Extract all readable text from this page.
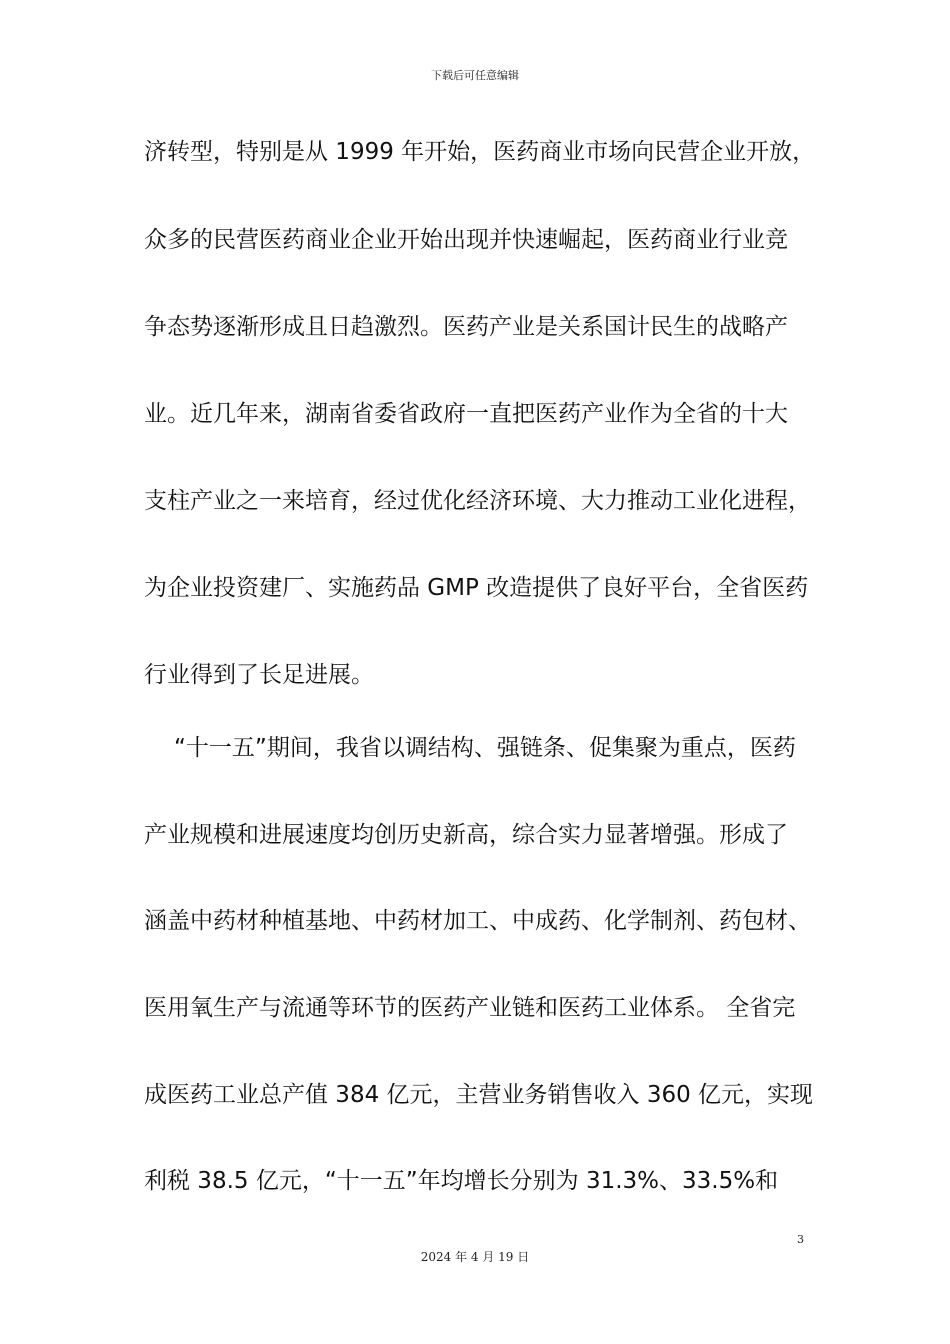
下载后可任意编辑
济转型，特别是从 1999 年开始，医药商业市场向民营企业开放，
众多的民营医药商业企业开始出现并快速崛起，医药商业行业竞
争态势逐渐形成且日趋激烈。医药产业是关系国计民生的战略产
业。近几年来，湖南省委省政府一直把医药产业作为全省的十大
支柱产业之一来培育，经过优化经济环境、大力推动工业化进程，
为企业投资建厂、实施药品 GMP 改造提供了良好平台，全省医药
行业得到了长足进展。
“十一五”期间，我省以调结构、强链条、促集聚为重点，医药
产业规模和进展速度均创历史新高，综合实力显著增强。形成了
涵盖中药材种植基地、中药材加工、中成药、化学制剂、药包材、
医用氧生产与流通等环节的医药产业链和医药工业体系。 全省完
成医药工业总产值 384 亿元，主营业务销售收入 360 亿元，实现
利税 38.5 亿元，“十一五”年均增长分别为 31.3%、33.5%和
3
2024 年 4 月 19 日
